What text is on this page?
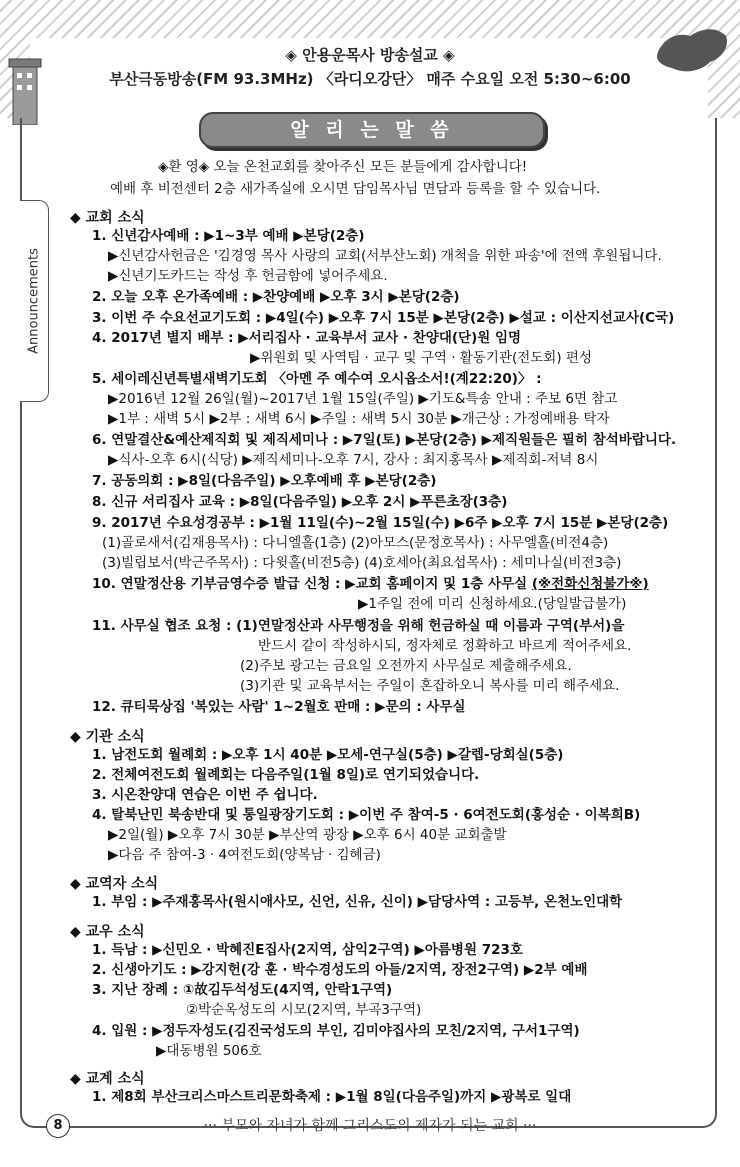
◈ 안용운목사 방송설교 ◈
부산극동방송(FM 93.3MHz) 〈라디오강단〉 매주 수요일 오전 5:30~6:00
Announcements
알 리 는 말 씀
◈환 영◈ 오늘 온천교회를 찾아주신 모든 분들에게 감사합니다!
예배 후 비전센터 2층 새가족실에 오시면 담임목사님 면담과 등록을 할 수 있습니다.
◆ 교회 소식
1. 신년감사예배 : ▶1~3부 예배 ▶본당(2층)
▶신년감사헌금은 '김경영 목사 사랑의 교회(서부산노회) 개척을 위한 파송'에 전액 후원됩니다.
▶신년기도카드는 작성 후 헌금함에 넣어주세요.
2. 오늘 오후 온가족예배 : ▶찬양예배 ▶오후 3시 ▶본당(2층)
3. 이번 주 수요선교기도회 : ▶4일(수) ▶오후 7시 15분 ▶본당(2층) ▶설교 : 이산지선교사(C국)
4. 2017년 별지 배부 : ▶서리집사 · 교육부서 교사 · 찬양대(단)원 임명
▶위원회 및 사역팀 · 교구 및 구역 · 활동기관(전도회) 편성
5. 세이레신년특별새벽기도회 〈아멘 주 예수여 오시옵소서!(계22:20)〉 :
▶2016년 12월 26일(월)~2017년 1월 15일(주일) ▶기도&특송 안내 : 주보 6면 참고
▶1부 : 새벽 5시 ▶2부 : 새벽 6시 ▶주일 : 새벽 5시 30분 ▶개근상 : 가정예배용 탁자
6. 연말결산&예산제직회 및 제직세미나 : ▶7일(토) ▶본당(2층) ▶제직원들은 필히 참석바랍니다.
▶식사-오후 6시(식당) ▶제직세미나-오후 7시, 강사 : 최지홍목사 ▶제직회-저녁 8시
7. 공동의회 : ▶8일(다음주일) ▶오후예배 후 ▶본당(2층)
8. 신규 서리집사 교육 : ▶8일(다음주일) ▶오후 2시 ▶푸른초장(3층)
9. 2017년 수요성경공부 : ▶1월 11일(수)~2월 15일(수) ▶6주 ▶오후 7시 15분 ▶본당(2층)
(1)골로새서(김재용목사) : 다니엘홀(1층) (2)아모스(문정호목사) : 사무엘홀(비전4층)
(3)빌립보서(박근주목사) : 다윗홀(비전5층) (4)호세아(최요섭목사) : 세미나실(비전3층)
10. 연말정산용 기부금영수증 발급 신청 : ▶교회 홈페이지 및 1층 사무실 (※전화신청불가※)
▶1주일 전에 미리 신청하세요.(당일발급불가)
11. 사무실 협조 요청 : (1)연말정산과 사무행정을 위해 헌금하실 때 이름과 구역(부서)을
반드시 같이 작성하시되, 정자체로 정확하고 바르게 적어주세요.
(2)주보 광고는 금요일 오전까지 사무실로 제출해주세요.
(3)기관 및 교육부서는 주일이 혼잡하오니 복사를 미리 해주세요.
12. 큐티묵상집 '복있는 사람' 1~2월호 판매 : ▶문의 : 사무실
◆ 기관 소식
1. 남전도회 월례회 : ▶오후 1시 40분 ▶모세-연구실(5층) ▶갈렙-당회실(5층)
2. 전체여전도회 월례회는 다음주일(1월 8일)로 연기되었습니다.
3. 시온찬양대 연습은 이번 주 쉽니다.
4. 탈북난민 북송반대 및 통일광장기도회 : ▶이번 주 참여-5 · 6여전도회(홍성순 · 이복희B)
▶2일(월) ▶오후 7시 30분 ▶부산역 광장 ▶오후 6시 40분 교회출발
▶다음 주 참여-3 · 4여전도회(양복남 · 김혜금)
◆ 교역자 소식
1. 부임 : ▶주재홍목사(원시애사모, 신언, 신유, 신이) ▶담당사역 : 고등부, 온천노인대학
◆ 교우 소식
1. 득남 : ▶신민오 · 박혜진E집사(2지역, 삼익2구역) ▶아름병원 723호
2. 신생아기도 : ▶강지헌(강 훈 · 박수경성도의 아들/2지역, 장전2구역) ▶2부 예배
3. 지난 장례 : ①故김두석성도(4지역, 안락1구역)
②박순옥성도의 시모(2지역, 부곡3구역)
4. 입원 : ▶정두자성도(김진국성도의 부인, 김미야집사의 모친/2지역, 구서1구역)
▶대동병원 506호
◆ 교계 소식
1. 제8회 부산크리스마스트리문화축제 : ▶1월 8일(다음주일)까지 ▶광복로 일대
··· 부모와 자녀가 함께 그리스도의 제자가 되는 교회 ···
8
